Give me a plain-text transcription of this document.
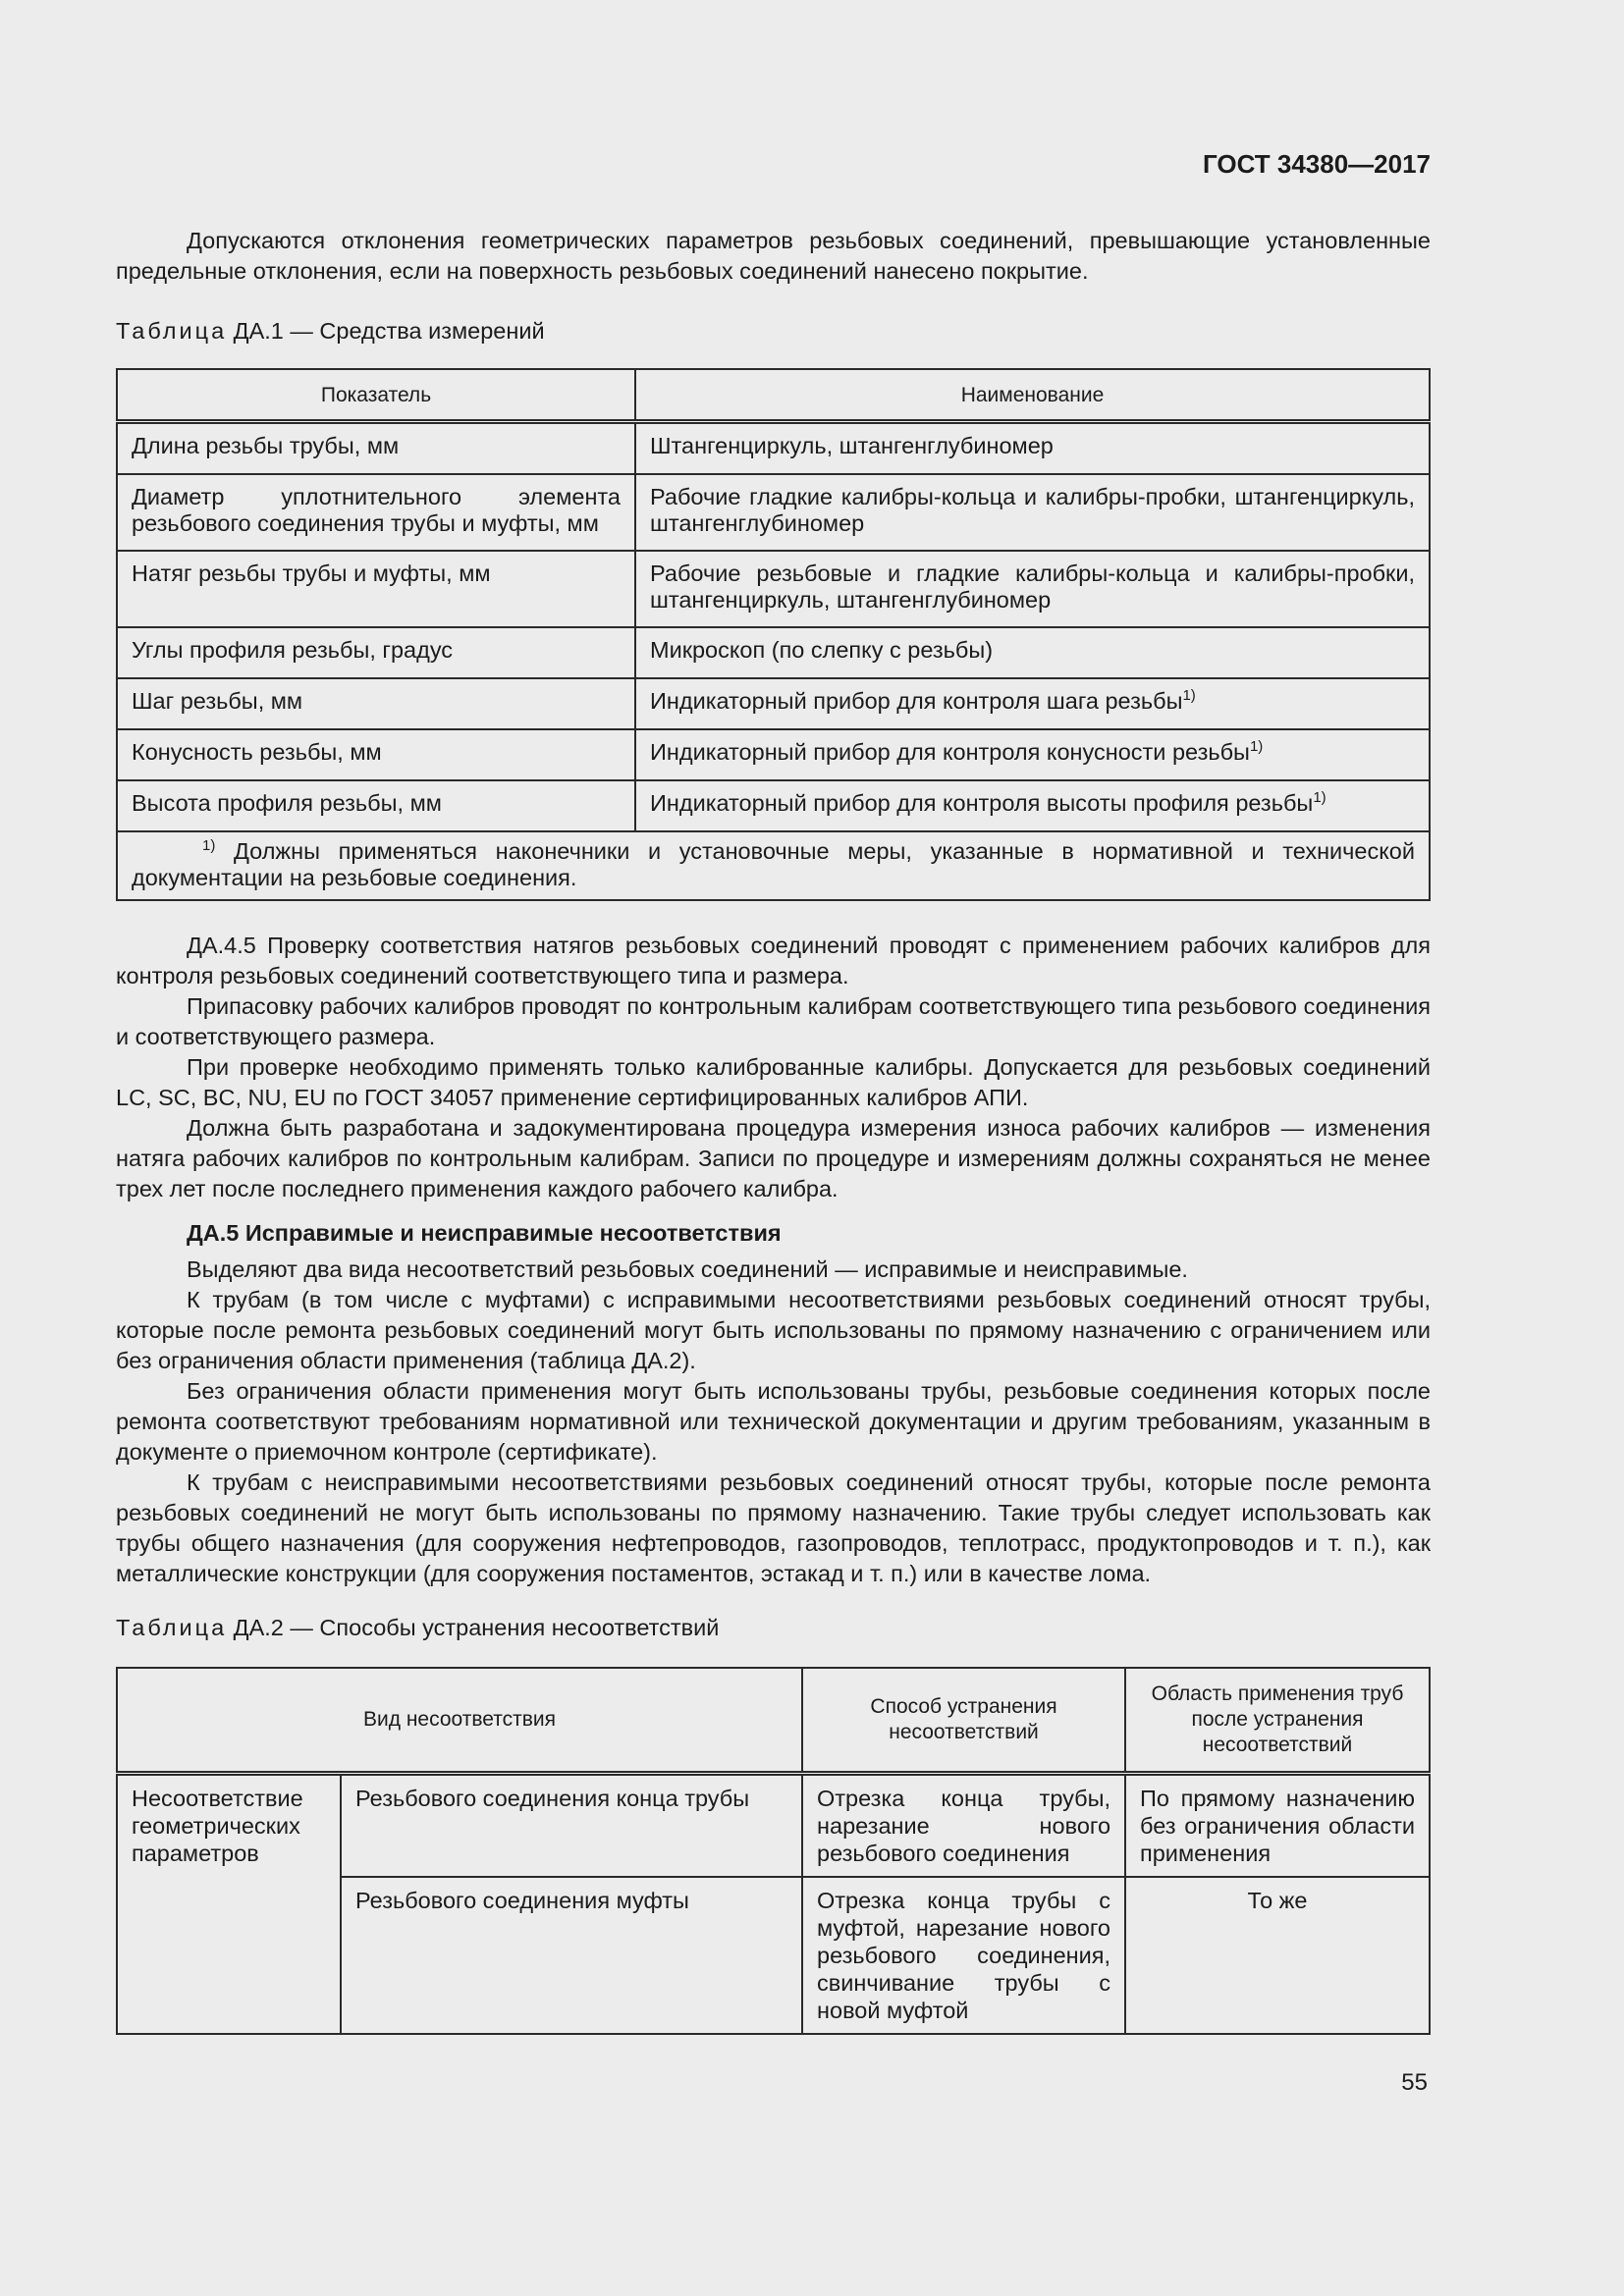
ГОСТ 34380—2017

Допускаются отклонения геометрических параметров резьбовых соединений, превышающие установленные предельные отклонения, если на поверхность резьбовых соединений нанесено покрытие.

Таблица ДА.1 — Средства измерений

Показатель	Наименование
Длина резьбы трубы, мм	Штангенциркуль, штангенглубиномер
Диаметр уплотнительного элемента резьбового соединения трубы и муфты, мм	Рабочие гладкие калибры-кольца и калибры-пробки, штангенциркуль, штангенглубиномер
Натяг резьбы трубы и муфты, мм	Рабочие резьбовые и гладкие калибры-кольца и калибры-пробки, штангенциркуль, штангенглубиномер
Углы профиля резьбы, градус	Микроскоп (по слепку с резьбы)
Шаг резьбы, мм	Индикаторный прибор для контроля шага резьбы$^{1)}$
Конусность резьбы, мм	Индикаторный прибор для контроля конусности резьбы$^{1)}$
Высота профиля резьбы, мм	Индикаторный прибор для контроля высоты профиля резьбы$^{1)}$
$^{1)}$ Должны применяться наконечники и установочные меры, указанные в нормативной и технической документации на резьбовые соединения.	

ДА.4.5 Проверку соответствия натягов резьбовых соединений проводят с применением рабочих калибров для контроля резьбовых соединений соответствующего типа и размера.

Припасовку рабочих калибров проводят по контрольным калибрам соответствующего типа резьбового соединения и соответствующего размера.

При проверке необходимо применять только калиброванные калибры. Допускается для резьбовых соединений LC, SC, BC, NU, EU по ГОСТ 34057 применение сертифицированных калибров АПИ.

Должна быть разработана и задокументирована процедура измерения износа рабочих калибров — изменения натяга рабочих калибров по контрольным калибрам. Записи по процедуре и измерениям должны сохраняться не менее трех лет после последнего применения каждого рабочего калибра.

ДА.5 Исправимые и неисправимые несоответствия

Выделяют два вида несоответствий резьбовых соединений — исправимые и неисправимые.

К трубам (в том числе с муфтами) с исправимыми несоответствиями резьбовых соединений относят трубы, которые после ремонта резьбовых соединений могут быть использованы по прямому назначению с ограничением или без ограничения области применения (таблица ДА.2).

Без ограничения области применения могут быть использованы трубы, резьбовые соединения которых после ремонта соответствуют требованиям нормативной или технической документации и другим требованиям, указанным в документе о приемочном контроле (сертификате).

К трубам с неисправимыми несоответствиями резьбовых соединений относят трубы, которые после ремонта резьбовых соединений не могут быть использованы по прямому назначению. Такие трубы следует использовать как трубы общего назначения (для сооружения нефтепроводов, газопроводов, теплотрасс, продуктопроводов и т. п.), как металлические конструкции (для сооружения постаментов, эстакад и т. п.) или в качестве лома.

Таблица ДА.2 — Способы устранения несоответствий

Вид несоответствия		Способ устранения несоответствий	Область применения труб после устранения несоответствий
Несоответствие геометрических параметров	Резьбового соединения конца трубы	Отрезка конца трубы, нарезание нового резьбового соединения	По прямому назначению без ограничения области применения
	Резьбового соединения муфты	Отрезка конца трубы с муфтой, нарезание нового резьбового соединения, свинчивание трубы с новой муфтой	То же
55
